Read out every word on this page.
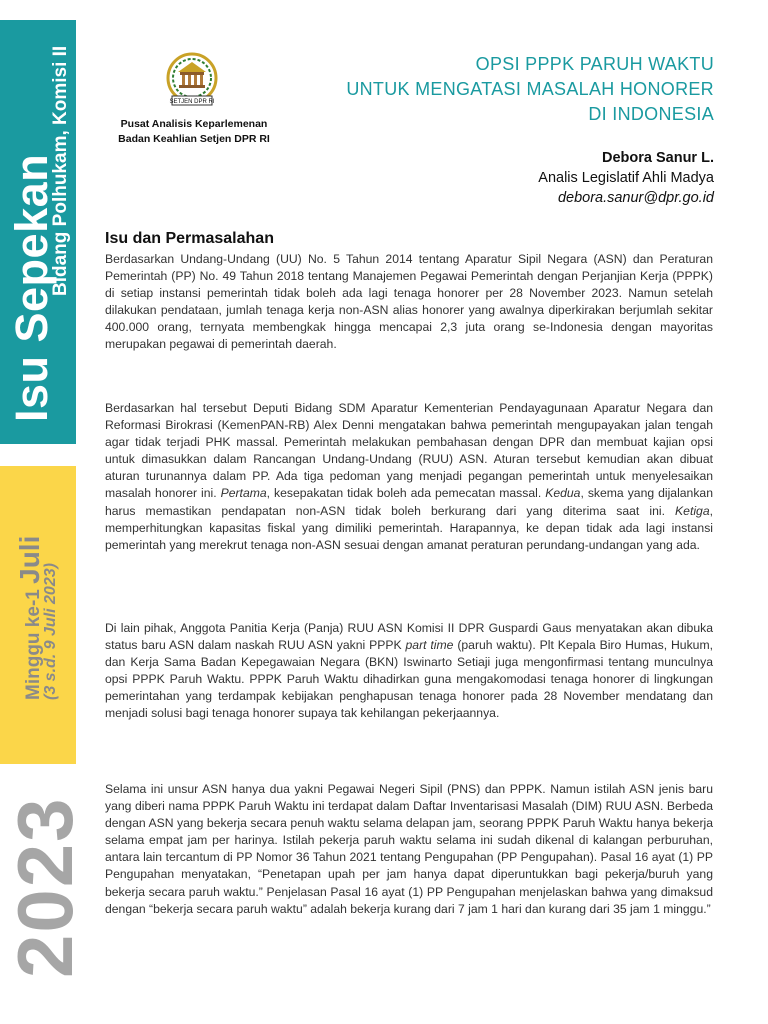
Isu Sepekan
Bidang Polhukam, Komisi II
Minggu ke-1 Juli
(3 s.d. 9 Juli 2023)
2023
SETJEN DPR RI
Pusat Analisis Keparlemenan
Badan Keahlian Setjen DPR RI
OPSI PPPK PARUH WAKTU
UNTUK MENGATASI MASALAH HONORER
DI INDONESIA
Debora Sanur L.
Analis Legislatif Ahli Madya
debora.sanur@dpr.go.id
Isu dan Permasalahan
Berdasarkan Undang-Undang (UU) No. 5 Tahun 2014 tentang Aparatur Sipil Negara (ASN) dan Peraturan Pemerintah (PP) No. 49 Tahun 2018 tentang Manajemen Pegawai Pemerintah dengan Perjanjian Kerja (PPPK) di setiap instansi pemerintah tidak boleh ada lagi tenaga honorer per 28 November 2023. Namun setelah dilakukan pendataan, jumlah tenaga kerja non-ASN alias honorer yang awalnya diperkirakan berjumlah sekitar 400.000 orang, ternyata membengkak hingga mencapai 2,3 juta orang se-Indonesia dengan mayoritas merupakan pegawai di pemerintah daerah.
Berdasarkan hal tersebut Deputi Bidang SDM Aparatur Kementerian Pendayagunaan Aparatur Negara dan Reformasi Birokrasi (KemenPAN-RB) Alex Denni mengatakan bahwa pemerintah mengupayakan jalan tengah agar tidak terjadi PHK massal. Pemerintah melakukan pembahasan dengan DPR dan membuat kajian opsi untuk dimasukkan dalam Rancangan Undang-Undang (RUU) ASN. Aturan tersebut kemudian akan dibuat aturan turunannya dalam PP. Ada tiga pedoman yang menjadi pegangan pemerintah untuk menyelesaikan masalah honorer ini. Pertama, kesepakatan tidak boleh ada pemecatan massal. Kedua, skema yang dijalankan harus memastikan pendapatan non-ASN tidak boleh berkurang dari yang diterima saat ini. Ketiga, memperhitungkan kapasitas fiskal yang dimiliki pemerintah. Harapannya, ke depan tidak ada lagi instansi pemerintah yang merekrut tenaga non-ASN sesuai dengan amanat peraturan perundang-undangan yang ada.
Di lain pihak, Anggota Panitia Kerja (Panja) RUU ASN Komisi II DPR Guspardi Gaus menyatakan akan dibuka status baru ASN dalam naskah RUU ASN yakni PPPK part time (paruh waktu). Plt Kepala Biro Humas, Hukum, dan Kerja Sama Badan Kepegawaian Negara (BKN) Iswinarto Setiaji juga mengonfirmasi tentang munculnya opsi PPPK Paruh Waktu. PPPK Paruh Waktu dihadirkan guna mengakomodasi tenaga honorer di lingkungan pemerintahan yang terdampak kebijakan penghapusan tenaga honorer pada 28 November mendatang dan menjadi solusi bagi tenaga honorer supaya tak kehilangan pekerjaannya.
Selama ini unsur ASN hanya dua yakni Pegawai Negeri Sipil (PNS) dan PPPK. Namun istilah ASN jenis baru yang diberi nama PPPK Paruh Waktu ini terdapat dalam Daftar Inventarisasi Masalah (DIM) RUU ASN. Berbeda dengan ASN yang bekerja secara penuh waktu selama delapan jam, seorang PPPK Paruh Waktu hanya bekerja selama empat jam per harinya. Istilah pekerja paruh waktu selama ini sudah dikenal di kalangan perburuhan, antara lain tercantum di PP Nomor 36 Tahun 2021 tentang Pengupahan (PP Pengupahan). Pasal 16 ayat (1) PP Pengupahan menyatakan, “Penetapan upah per jam hanya dapat diperuntukkan bagi pekerja/buruh yang bekerja secara paruh waktu.” Penjelasan Pasal 16 ayat (1) PP Pengupahan menjelaskan bahwa yang dimaksud dengan “bekerja secara paruh waktu” adalah bekerja kurang dari 7 jam 1 hari dan kurang dari 35 jam 1 minggu.”
